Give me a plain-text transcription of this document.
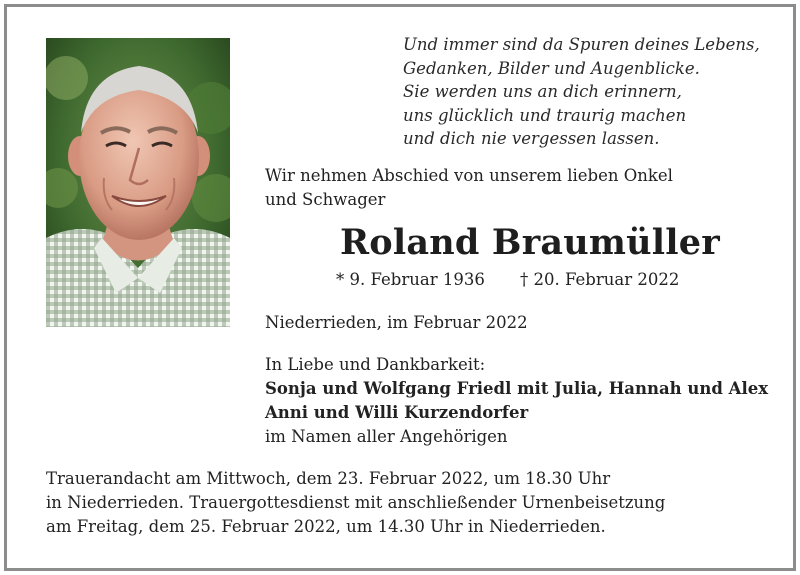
Und immer sind da Spuren deines Lebens,
Gedanken, Bilder und Augenblicke.
Sie werden uns an dich erinnern,
uns glücklich und traurig machen
und dich nie vergessen lassen.
Wir nehmen Abschied von unserem lieben Onkel
und Schwager
Roland Braumüller
* 9. Februar 1936 † 20. Februar 2022
Niederrieden, im Februar 2022
In Liebe und Dankbarkeit:
Sonja und Wolfgang Friedl mit Julia, Hannah und Alex
Anni und Willi Kurzendorfer
im Namen aller Angehörigen
Trauerandacht am Mittwoch, dem 23. Februar 2022, um 18.30 Uhr
in Niederrieden. Trauergottesdienst mit anschließender Urnenbeisetzung
am Freitag, dem 25. Februar 2022, um 14.30 Uhr in Niederrieden.
